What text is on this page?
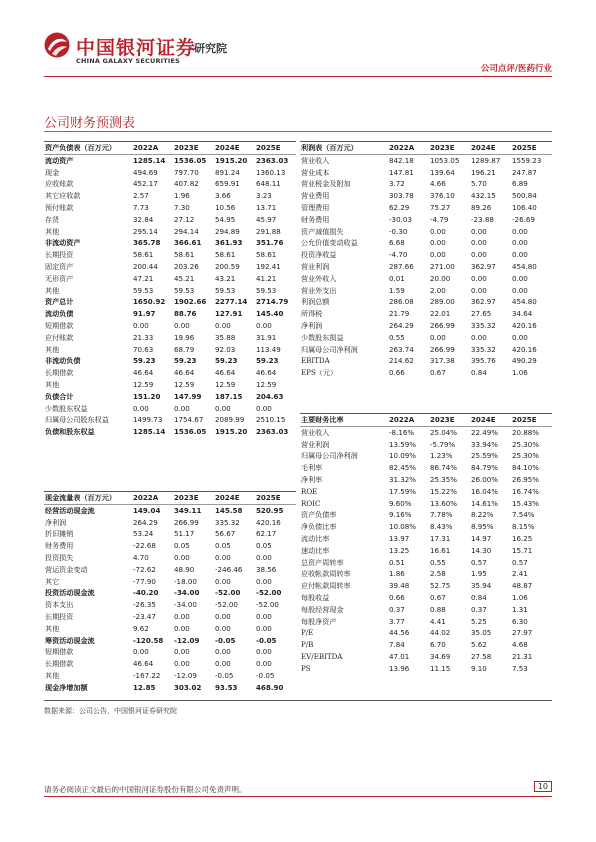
中国银河证券
研究院
CHINA GALAXY SECURITIES
公司点评/医药行业
公司财务预测表
资产负债表（百万元）	2022A	2023E	2024E	2025E
流动资产	1285.14	1536.05	1915.20	2363.03
现金	494.69	797.70	891.24	1360.13
应收账款	452.17	407.82	659.91	648.11
其它应收款	2.57	1.96	3.66	3.23
预付账款	7.73	7.30	10.56	13.71
存货	32.84	27.12	54.95	45.97
其他	295.14	294.14	294.89	291.88
非流动资产	365.78	366.61	361.93	351.76
长期投资	58.61	58.61	58.61	58.61
固定资产	200.44	203.26	200.59	192.41
无形资产	47.21	45.21	43.21	41.21
其他	59.53	59.53	59.53	59.53
资产总计	1650.92	1902.66	2277.14	2714.79
流动负债	91.97	88.76	127.91	145.40
短期借款	0.00	0.00	0.00	0.00
应付账款	21.33	19.96	35.88	31.91
其他	70.63	68.79	92.03	113.49
非流动负债	59.23	59.23	59.23	59.23
长期借款	46.64	46.64	46.64	46.64
其他	12.59	12.59	12.59	12.59
负债合计	151.20	147.99	187.15	204.63
少数股东权益	0.00	0.00	0.00	0.00
归属母公司股东权益	1499.73	1754.67	2089.99	2510.15
负债和股东权益	1285.14	1536.05	1915.20	2363.03
现金流量表（百万元）	2022A	2023E	2024E	2025E
经营活动现金流	149.04	349.11	145.58	520.95
净利润	264.29	266.99	335.32	420.16
折旧摊销	53.24	51.17	56.67	62.17
财务费用	-22.68	0.05	0.05	0.05
投资损失	4.70	0.00	0.00	0.00
营运资金变动	-72.62	48.90	-246.46	38.56
其它	-77.90	-18.00	0.00	0.00
投资活动现金流	-40.20	-34.00	-52.00	-52.00
资本支出	-26.35	-34.00	-52.00	-52.00
长期投资	-23.47	0.00	0.00	0.00
其他	9.62	0.00	0.00	0.00
筹资活动现金流	-120.58	-12.09	-0.05	-0.05
短期借款	0.00	0.00	0.00	0.00
长期借款	46.64	0.00	0.00	0.00
其他	-167.22	-12.09	-0.05	-0.05
现金净增加额	12.85	303.02	93.53	468.90
利润表（百万元）	2022A	2023E	2024E	2025E
营业收入	842.18	1053.05	1289.87	1559.23
营业成本	147.81	139.64	196.21	247.87
营业税金及附加	3.72	4.66	5.70	6.89
营业费用	303.78	376.10	432.15	500.84
管理费用	62.29	75.27	89.26	106.40
财务费用	-30.03	-4.79	-23.88	-26.69
资产减值损失	-0.30	0.00	0.00	0.00
公允价值变动收益	6.68	0.00	0.00	0.00
投资净收益	-4.70	0.00	0.00	0.00
营业利润	287.66	271.00	362.97	454.80
营业外收入	0.01	20.00	0.00	0.00
营业外支出	1.59	2.00	0.00	0.00
利润总额	286.08	289.00	362.97	454.80
所得税	21.79	22.01	27.65	34.64
净利润	264.29	266.99	335.32	420.16
少数股东损益	0.55	0.00	0.00	0.00
归属母公司净利润	263.74	266.99	335.32	420.16
EBITDA	214.62	317.38	395.76	490.29
EPS（元）	0.66	0.67	0.84	1.06

主要财务比率	2022A	2023E	2024E	2025E
营业收入	-8.16%	25.04%	22.49%	20.88%
营业利润	13.59%	-5.79%	33.94%	25.30%
归属母公司净利润	10.09%	1.23%	25.59%	25.30%
毛利率	82.45%	86.74%	84.79%	84.10%
净利率	31.32%	25.35%	26.00%	26.95%
ROE	17.59%	15.22%	16.04%	16.74%
ROIC	9.60%	13.60%	14.61%	15.43%
资产负债率	9.16%	7.78%	8.22%	7.54%
净负债比率	10.08%	8.43%	8.95%	8.15%
流动比率	13.97	17.31	14.97	16.25
速动比率	13.25	16.61	14.30	15.71
总资产周转率	0.51	0.55	0.57	0.57
应收帐款周转率	1.86	2.58	1.95	2.41
应付帐款周转率	39.48	52.75	35.94	48.87
每股收益	0.66	0.67	0.84	1.06
每股经营现金	0.37	0.88	0.37	1.31
每股净资产	3.77	4.41	5.25	6.30
P/E	44.56	44.02	35.05	27.97
P/B	7.84	6.70	5.62	4.68
EV/EBITDA	47.01	34.69	27.58	21.31
PS	13.96	11.15	9.10	7.53
数据来源：公司公告，中国银河证券研究院
请务必阅读正文最后的中国银河证券股份有限公司免责声明。	10
